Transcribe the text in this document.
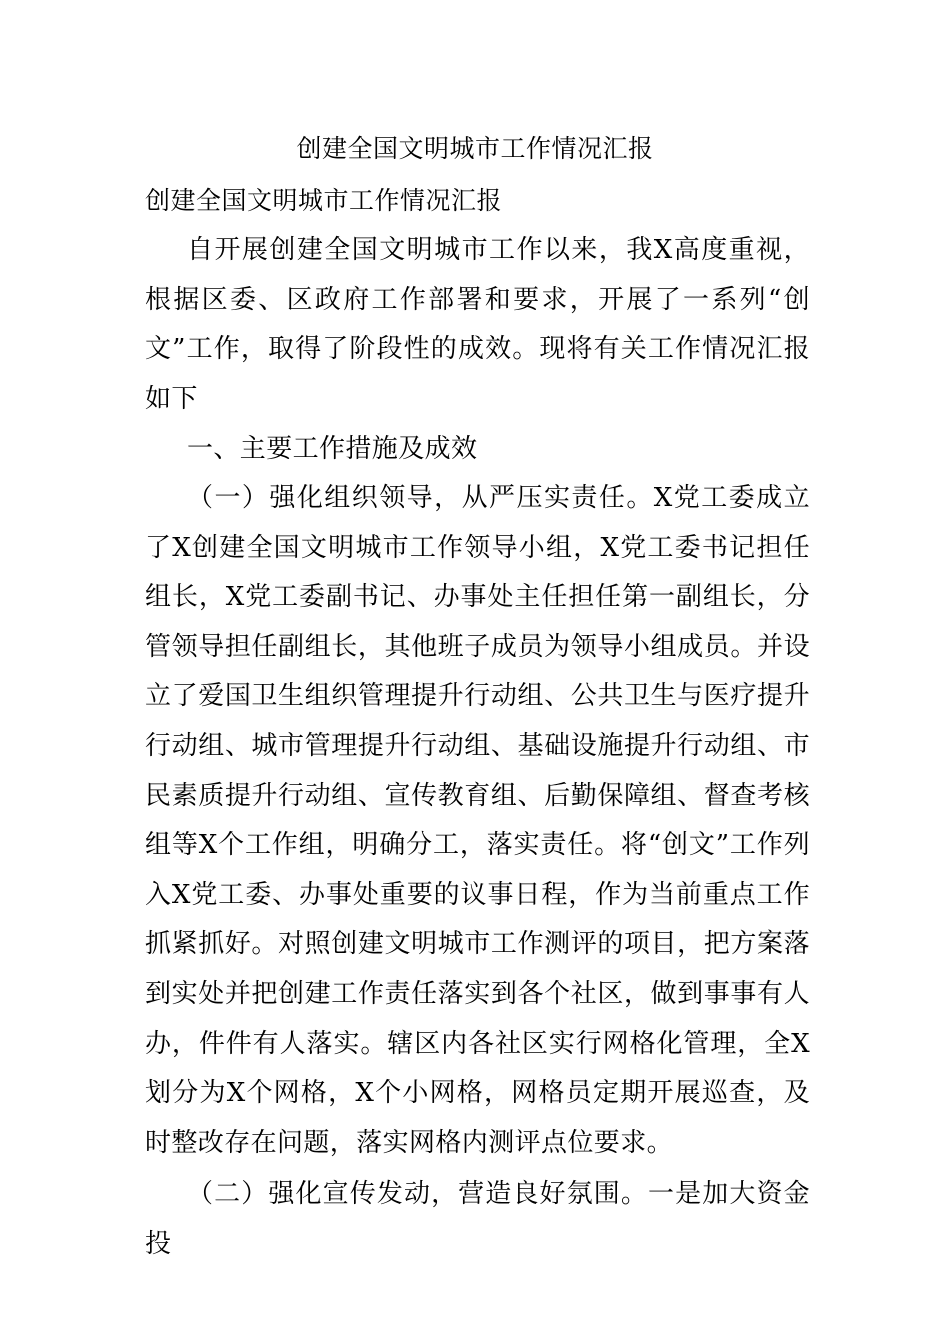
创建全国文明城市工作情况汇报

创建全国文明城市工作情况汇报

自开展创建全国文明城市工作以来，我X高度重视，根据区委、区政府工作部署和要求，开展了一系列“创文”工作，取得了阶段性的成效。现将有关工作情况汇报如下

一、主要工作措施及成效

（一）强化组织领导，从严压实责任。X党工委成立了X创建全国文明城市工作领导小组，X党工委书记担任组长，X党工委副书记、办事处主任担任第一副组长，分管领导担任副组长，其他班子成员为领导小组成员。并设立了爱国卫生组织管理提升行动组、公共卫生与医疗提升行动组、城市管理提升行动组、基础设施提升行动组、市民素质提升行动组、宣传教育组、后勤保障组、督查考核组等X个工作组，明确分工，落实责任。将“创文”工作列入X党工委、办事处重要的议事日程，作为当前重点工作抓紧抓好。对照创建文明城市工作测评的项目，把方案落到实处并把创建工作责任落实到各个社区，做到事事有人办，件件有人落实。辖区内各社区实行网格化管理，全X划分为X个网格，X个小网格，网格员定期开展巡查，及时整改存在问题，落实网格内测评点位要求。

（二）强化宣传发动，营造良好氛围。一是加大资金投
